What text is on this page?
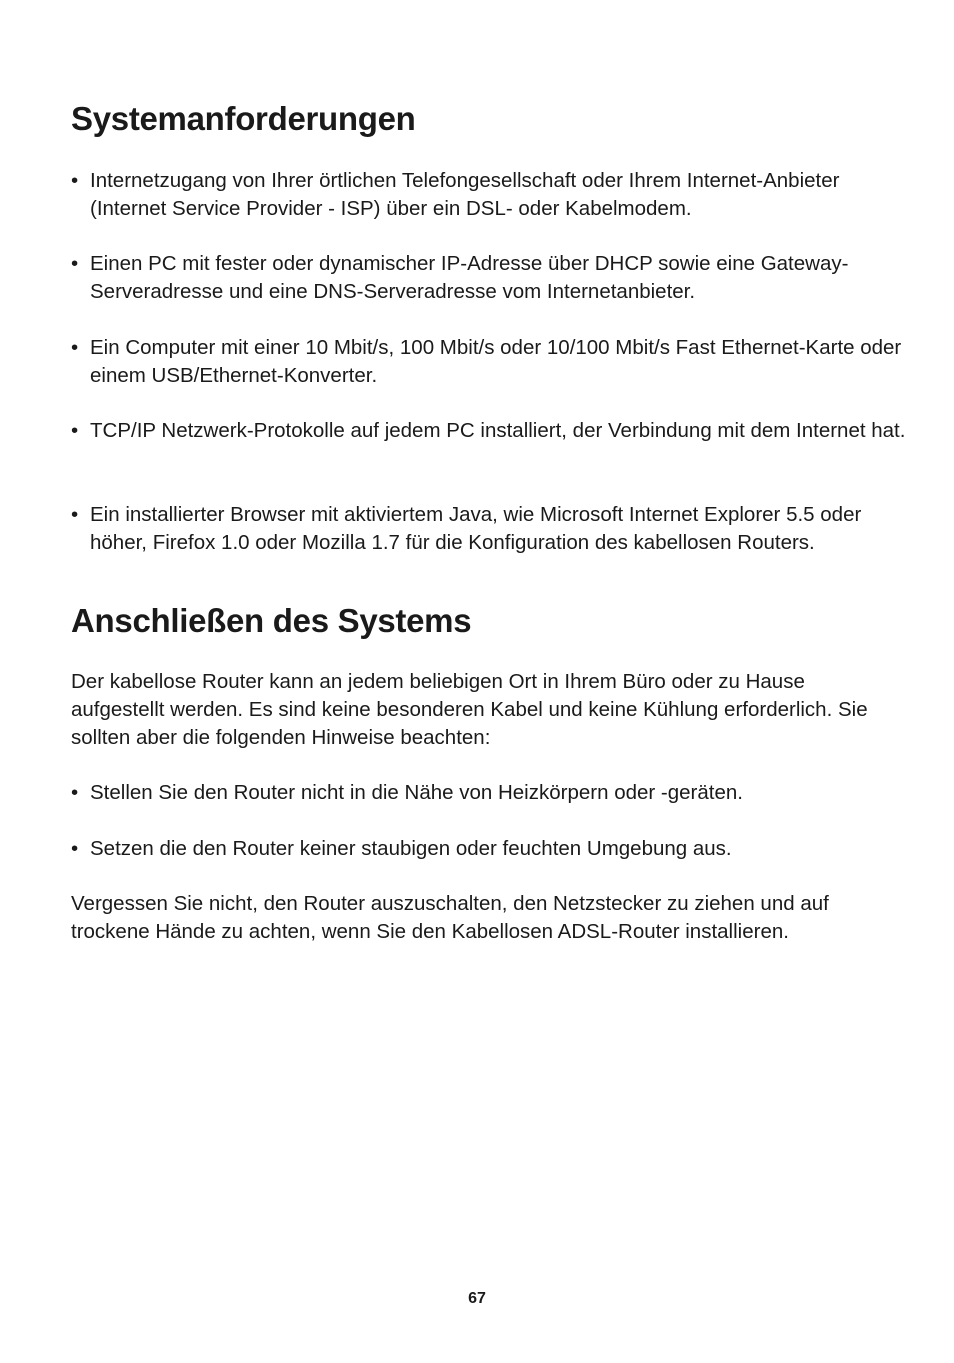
Systemanforderungen
• Internetzugang von Ihrer örtlichen Telefongesellschaft oder Ihrem Internet-Anbieter (Internet Service Provider - ISP) über ein DSL- oder Kabelmodem.
• Einen PC mit fester oder dynamischer IP-Adresse über DHCP sowie eine Gateway-Serveradresse und eine DNS-Serveradresse vom Internetanbieter.
• Ein Computer mit einer 10 Mbit/s, 100 Mbit/s oder 10/100 Mbit/s Fast Ethernet-Karte oder einem USB/Ethernet-Konverter.
• TCP/IP Netzwerk-Protokolle auf jedem PC installiert, der Verbindung mit dem Internet hat.
• Ein installierter Browser mit aktiviertem Java, wie Microsoft Internet Explorer 5.5 oder höher, Firefox 1.0 oder Mozilla 1.7 für die Konfiguration des kabellosen Routers.
Anschließen des Systems
Der kabellose Router kann an jedem beliebigen Ort in Ihrem Büro oder zu Hause aufgestellt werden. Es sind keine besonderen Kabel und keine Kühlung erforderlich. Sie sollten aber die folgenden Hinweise beachten:
• Stellen Sie den Router nicht in die Nähe von Heizkörpern oder -geräten.
• Setzen die den Router keiner staubigen oder feuchten Umgebung aus.
Vergessen Sie nicht, den Router auszuschalten, den Netzstecker zu ziehen und auf trockene Hände zu achten, wenn Sie den Kabellosen ADSL-Router installieren.
67
